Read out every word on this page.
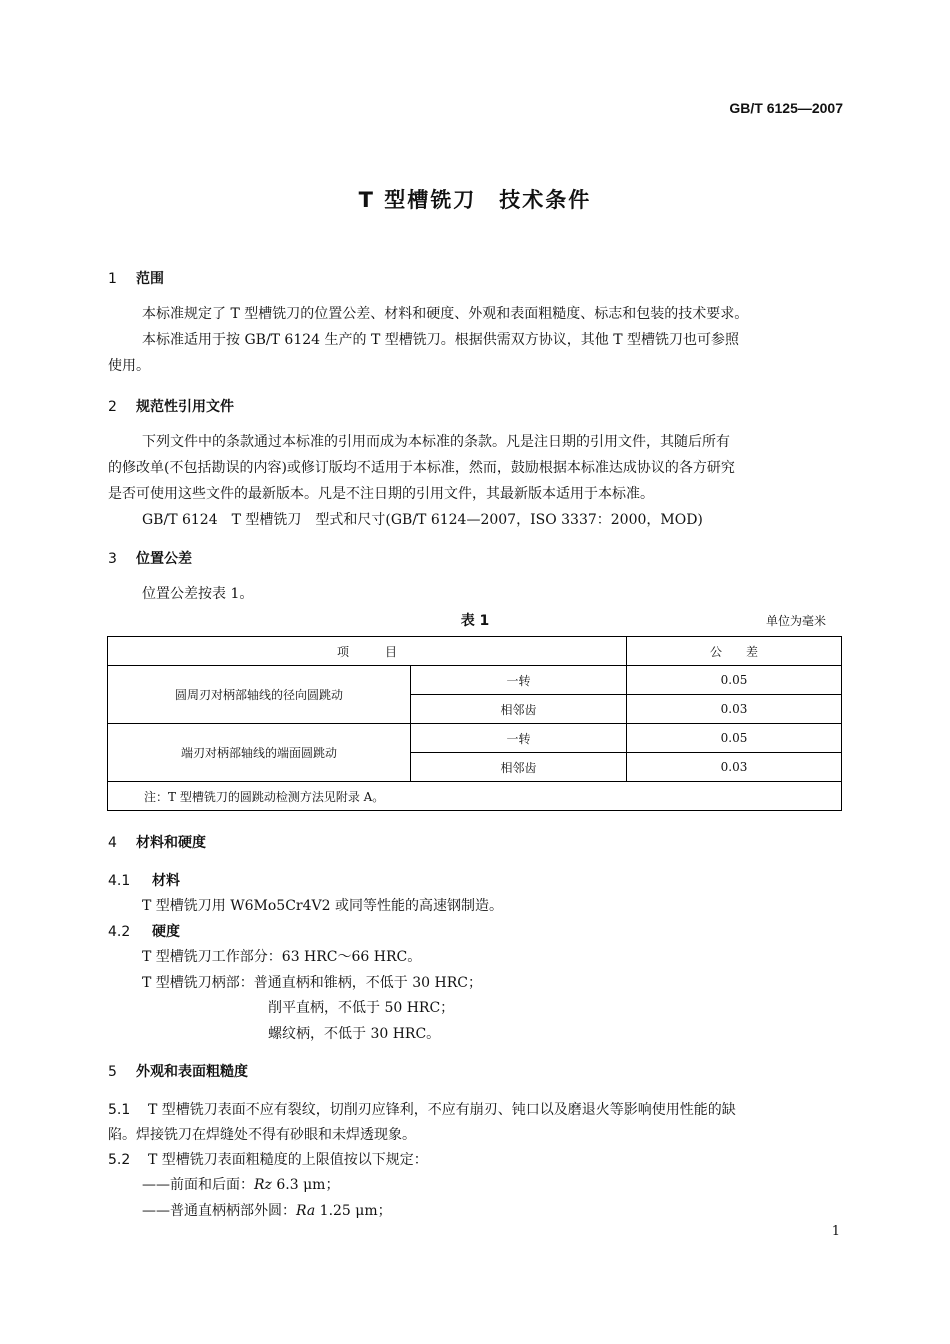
GB/T 6125—2007
T 型槽铣刀　技术条件
1 范围
本标准规定了 T 型槽铣刀的位置公差、材料和硬度、外观和表面粗糙度、标志和包装的技术要求。
本标准适用于按 GB/T 6124 生产的 T 型槽铣刀。根据供需双方协议，其他 T 型槽铣刀也可参照
使用。
2 规范性引用文件
下列文件中的条款通过本标准的引用而成为本标准的条款。凡是注日期的引用文件，其随后所有
的修改单(不包括勘误的内容)或修订版均不适用于本标准，然而，鼓励根据本标准达成协议的各方研究
是否可使用这些文件的最新版本。凡是不注日期的引用文件，其最新版本适用于本标准。
GB/T 6124　T 型槽铣刀　型式和尺寸(GB/T 6124—2007，ISO 3337：2000，MOD)
3 位置公差
位置公差按表 1。
表 1	单位为毫米
项　　　目		公　　差
圆周刃对柄部轴线的径向圆跳动	一转	0.05
	相邻齿	0.03
端刃对柄部轴线的端面圆跳动	一转	0.05
	相邻齿	0.03
注：T 型槽铣刀的圆跳动检测方法见附录 A。		
4 材料和硬度
4.1 材料
T 型槽铣刀用 W6Mo5Cr4V2 或同等性能的高速钢制造。
4.2 硬度
T 型槽铣刀工作部分：63 HRC～66 HRC。
T 型槽铣刀柄部：普通直柄和锥柄，不低于 30 HRC；
削平直柄，不低于 50 HRC；
螺纹柄，不低于 30 HRC。
5 外观和表面粗糙度
5.1 T 型槽铣刀表面不应有裂纹，切削刃应锋利，不应有崩刃、钝口以及磨退火等影响使用性能的缺
陷。焊接铣刀在焊缝处不得有砂眼和未焊透现象。
5.2 T 型槽铣刀表面粗糙度的上限值按以下规定：
——前面和后面：Rz 6.3 μm；
——普通直柄柄部外圆：Ra 1.25 μm；
1
